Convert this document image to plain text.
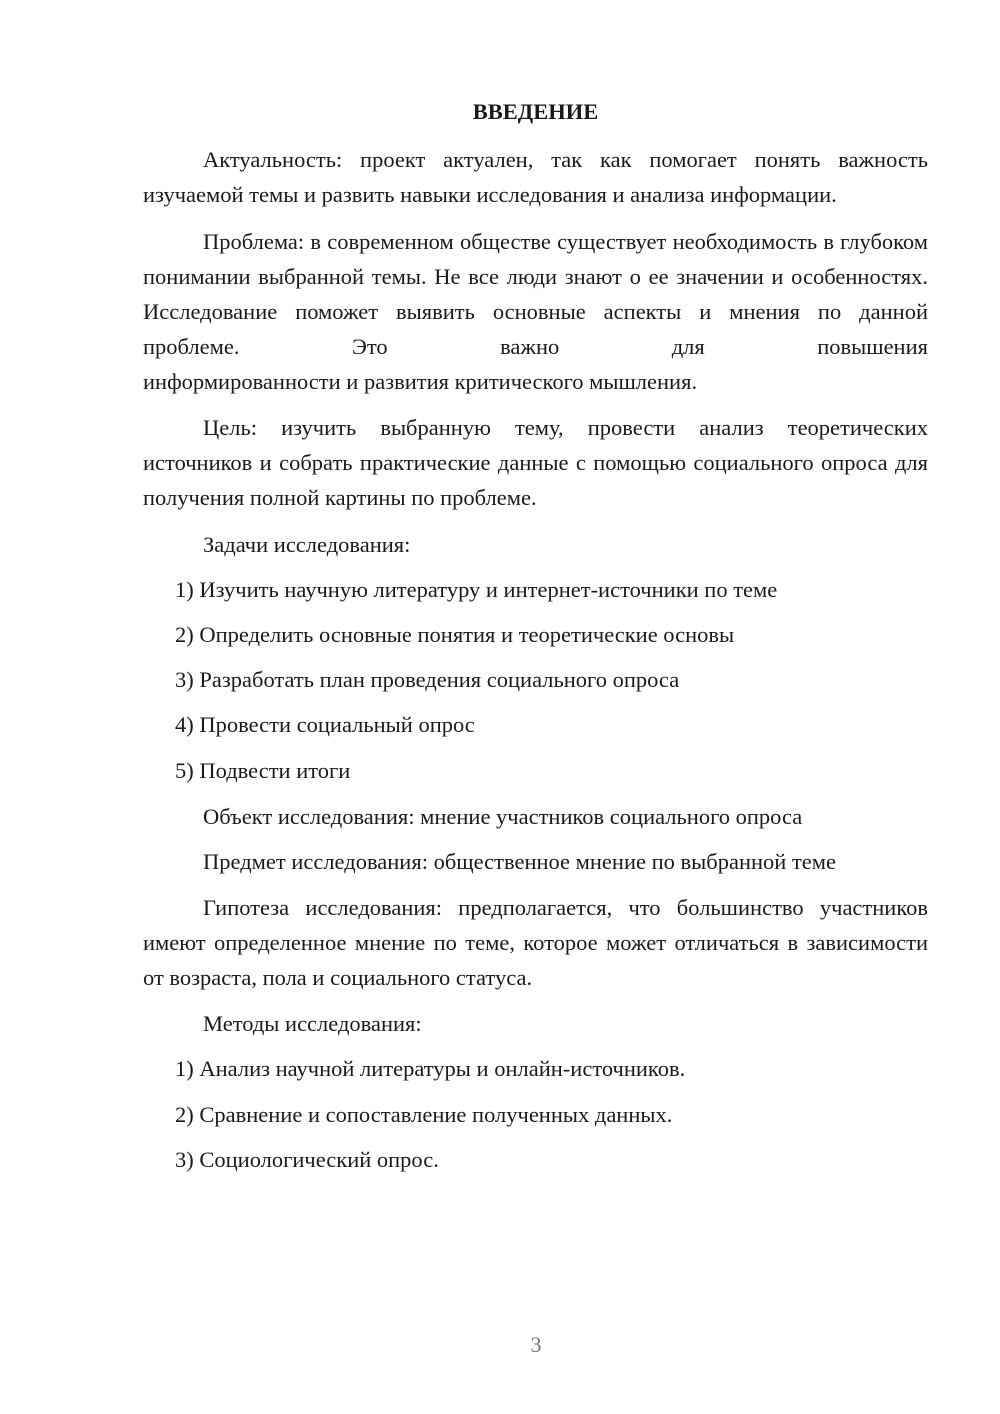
ВВЕДЕНИЕ

Актуальность: проект актуален, так как помогает понять важность изучаемой темы и развить навыки исследования и анализа информации.

Проблема: в современном обществе существует необходимость в глубоком понимании выбранной темы. Не все люди знают о ее значении и особенностях. Исследование поможет выявить основные аспекты и мнения по данной проблеме. Это важно для повышения

информированности и развития критического мышления.

Цель: изучить выбранную тему, провести анализ теоретических источников и собрать практические данные с помощью социального опроса для получения полной картины по проблеме.

Задачи исследования:

1) Изучить научную литературу и интернет-источники по теме

2) Определить основные понятия и теоретические основы

3) Разработать план проведения социального опроса

4) Провести социальный опрос

5) Подвести итоги

Объект исследования: мнение участников социального опроса

Предмет исследования: общественное мнение по выбранной теме

Гипотеза исследования: предполагается, что большинство участников имеют определенное мнение по теме, которое может отличаться в зависимости от возраста, пола и социального статуса.

Методы исследования:

1) Анализ научной литературы и онлайн-источников.

2) Сравнение и сопоставление полученных данных.

3) Социологический опрос.

3
